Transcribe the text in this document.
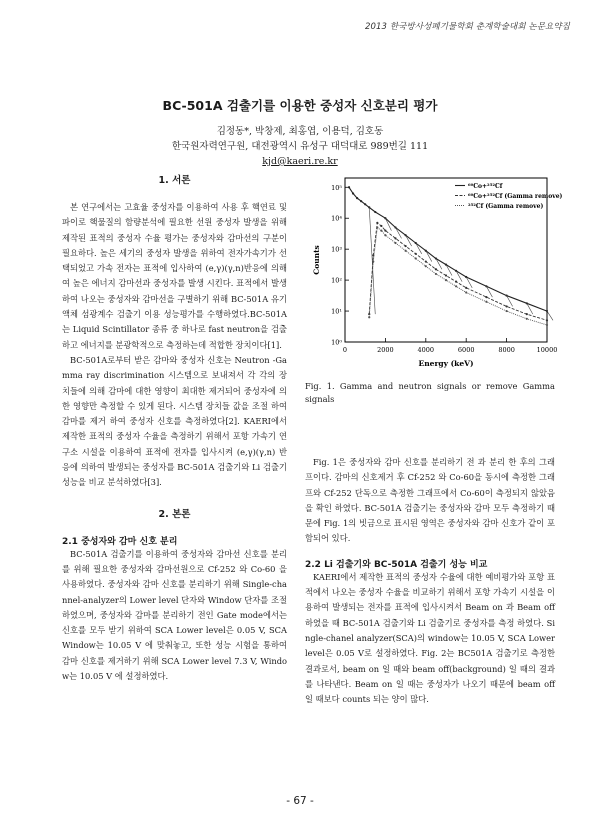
2013 한국방사성폐기물학회 춘계학술대회 논문요약집
BC-501A 검출기를 이용한 중성자 신호분리 평가
김정동*, 박창제, 최홍엽, 이용덕, 김호동
한국원자력연구원, 대전광역시 유성구 대덕대로 989번길 111
kjd@kaeri.re.kr

1. 서론

본 연구에서는 고효율 중성자를 이용하여 사용 후 핵연료 및 파이로 핵물질의 함량분석에 필요한 선원 중성자 발생을 위해 제작된 표적의 중성자 수율 평가는 중성자와 감마선의 구분이 필요하다. 높은 세기의 중성자 발생을 위하여 전자가속기가 선택되었고 가속 전자는 표적에 입사하여 (e,γ)(γ,n)반응에 의해여 높은 에너지 감마선과 중성자를 발생 시킨다. 표적에서 발생하여 나오는 중성자와 감마선을 구별하기 위해 BC-501A 유기 액체 섬광계수 검출기 이용 성능평가를 수행하였다.BC-501A는 Liquid Scintillator 종류 중 하나로 fast neutron을 검출하고 에너지를 분광학적으로 측정하는데 적합한 장치이다[1].

BC-501A로부터 받은 감마와 중성자 신호는 Neutron -Gamma ray discrimination 시스템으로 보내져서 각 각의 장치들에 의해 감마에 대한 영향이 최대한 제거되어 중성자에 의한 영향만 측정할 수 있게 된다. 시스템 장치들 값을 조절 하여 감마를 제거 하여 중성자 신호를 측정하였다[2]. KAERI에서 제작한 표적의 중성자 수율을 측정하기 위해서 포항 가속기 연구소 시설을 이용하여 표적에 전자를 입사시켜 (e,γ)(γ,n) 반응에 의하여 발생되는 중성자를 BC-501A 검출기와 Li 검출기 성능을 비교 분석하였다[3].

2. 본론

2.1 중성자와 감마 신호 분리

BC-501A 검출기를 이용하여 중성자와 감마선 신호를 분리를 위해 필요한 중성자와 감마선원으로 Cf-252 와 Co-60 을 사용하였다. 중성자와 감마 신호를 분리하기 위해 Single-channel-analyzer의 Lower level 단자와 Window 단자를 조절하였으며, 중성자와 감마를 분리하기 전인 Gate mode에서는 신호를 모두 받기 위하여 SCA Lower level은 0.05 V, SCA Window는 10.05 V 에 맞춰놓고, 또한 성능 시험을 통하여 감마 신호를 제거하기 위해 SCA Lower level 7.3 V, Window는 10.05 V 에 설정하였다.

0	2000	4000	6000	8000	10000
10⁰
10¹
10²
10³
10⁴
10⁵
Energy (keV)
Counts
⁶⁰Co+²⁵²Cf
⁶⁰Co+²⁵²Cf (Gamma remove)
²⁵²Cf (Gamma remove)
Fig. 1. Gamma and neutron signals or remove Gamma signals

Fig. 1은 중성자와 감마 신호를 분리하기 전 과 분리 한 후의 그래프이다. 감마의 신호제거 후 Cf-252 와 Co-60을 동시에 측정한 그래프와 Cf-252 단독으로 측정한 그래프에서 Co-60이 측정되지 않았음을 확인 하였다. BC-501A 검출기는 중성자와 감마 모두 측정하기 때문에 Fig. 1의 빗금으로 표시된 영역은 중성자와 감마 신호가 같이 포함되어 있다.

2.2 Li 검출기와 BC-501A 검출기 성능 비교

KAERI에서 제작한 표적의 중성자 수율에 대한 예비평가와 포항 표적에서 나오는 중성자 수율을 비교하기 위해서 포항 가속기 시설을 이용하여 발생되는 전자를 표적에 입사시켜서 Beam on 과 Beam off 하였을 때 BC-501A 검출기와 Li 검출기로 중성자를 측정 하였다. Single-chanel analyzer(SCA)의 window는 10.05 V, SCA Lower level은 0.05 V로 설정하였다. Fig. 2는 BC501A 검출기로 측정한 결과로서, beam on 일 때와 beam off(background) 일 때의 결과를 나타낸다. Beam on 일 때는 중성자가 나오기 때문에 beam off 일 때보다 counts 되는 양이 많다.

- 67 -
